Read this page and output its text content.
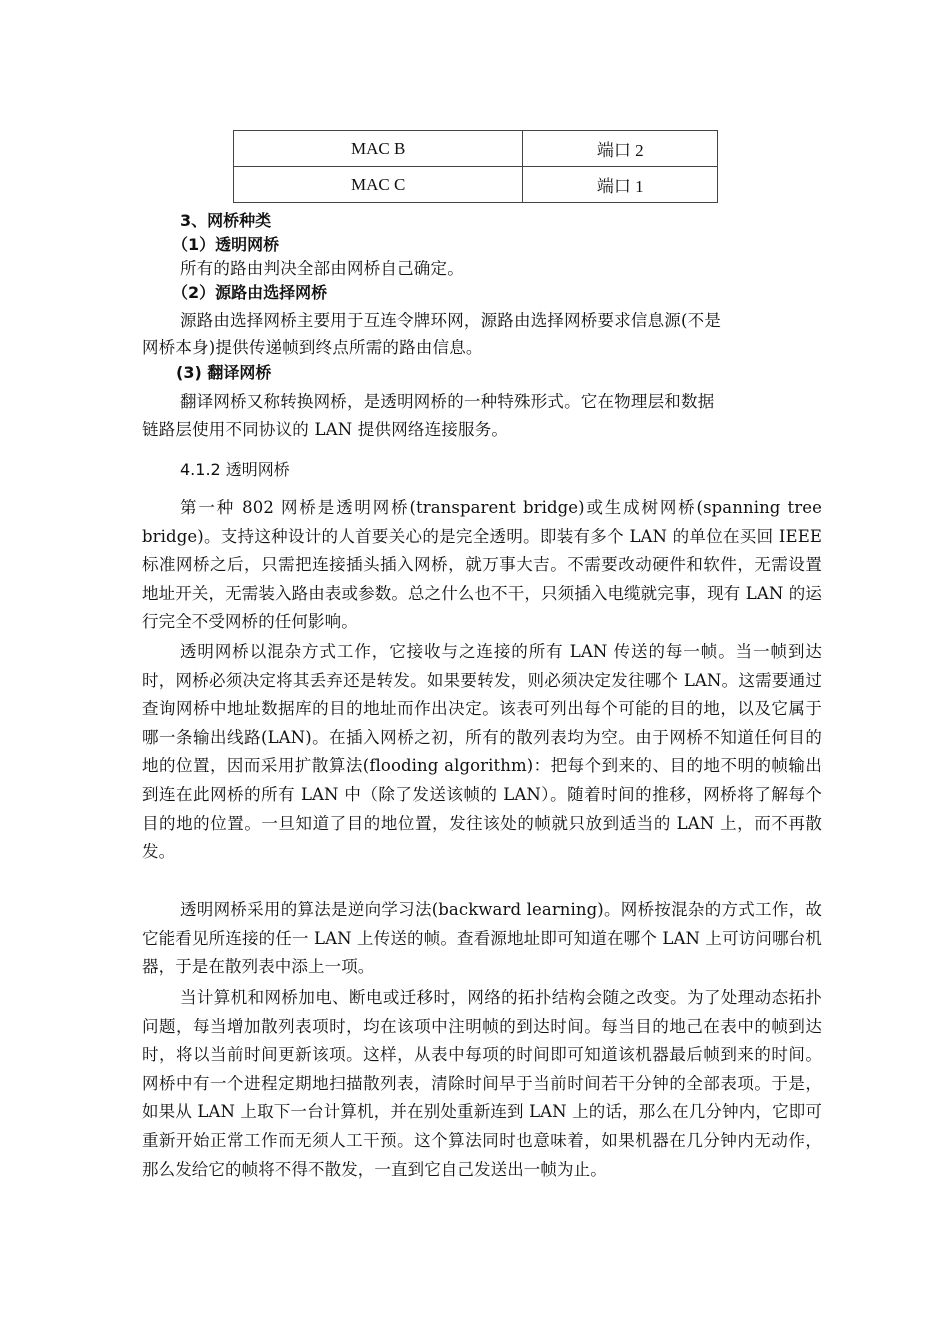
MAC B	端口 2
MAC C	端口 1
3、网桥种类
（1）透明网桥
所有的路由判决全部由网桥自己确定。
（2）源路由选择网桥
源路由选择网桥主要用于互连令牌环网，源路由选择网桥要求信息源(不是
网桥本身)提供传递帧到终点所需的路由信息。
(3) 翻译网桥
翻译网桥又称转换网桥，是透明网桥的一种特殊形式。它在物理层和数据
链路层使用不同协议的 LAN 提供网络连接服务。
4.1.2 透明网桥
第一种 802 网桥是透明网桥(transparent bridge)或生成树网桥(spanning tree bridge)。支持这种设计的人首要关心的是完全透明。即装有多个 LAN 的单位在买回 IEEE 标准网桥之后，只需把连接插头插入网桥，就万事大吉。不需要改动硬件和软件，无需设置地址开关，无需装入路由表或参数。总之什么也不干，只须插入电缆就完事，现有 LAN 的运行完全不受网桥的任何影响。
透明网桥以混杂方式工作，它接收与之连接的所有 LAN 传送的每一帧。当一帧到达时，网桥必须决定将其丢弃还是转发。如果要转发，则必须决定发往哪个 LAN。这需要通过查询网桥中地址数据库的目的地址而作出决定。该表可列出每个可能的目的地，以及它属于哪一条输出线路(LAN)。在插入网桥之初，所有的散列表均为空。由于网桥不知道任何目的地的位置，因而采用扩散算法(flooding algorithm)：把每个到来的、目的地不明的帧输出到连在此网桥的所有 LAN 中（除了发送该帧的 LAN）。随着时间的推移，网桥将了解每个目的地的位置。一旦知道了目的地位置，发往该处的帧就只放到适当的 LAN 上，而不再散发。
透明网桥采用的算法是逆向学习法(backward learning)。网桥按混杂的方式工作，故它能看见所连接的任一 LAN 上传送的帧。查看源地址即可知道在哪个 LAN 上可访问哪台机器，于是在散列表中添上一项。
当计算机和网桥加电、断电或迁移时，网络的拓扑结构会随之改变。为了处理动态拓扑问题，每当增加散列表项时，均在该项中注明帧的到达时间。每当目的地己在表中的帧到达时，将以当前时间更新该项。这样，从表中每项的时间即可知道该机器最后帧到来的时间。网桥中有一个进程定期地扫描散列表，清除时间早于当前时间若干分钟的全部表项。于是，如果从 LAN 上取下一台计算机，并在别处重新连到 LAN 上的话，那么在几分钟内，它即可重新开始正常工作而无须人工干预。这个算法同时也意味着，如果机器在几分钟内无动作，那么发给它的帧将不得不散发，一直到它自己发送出一帧为止。
